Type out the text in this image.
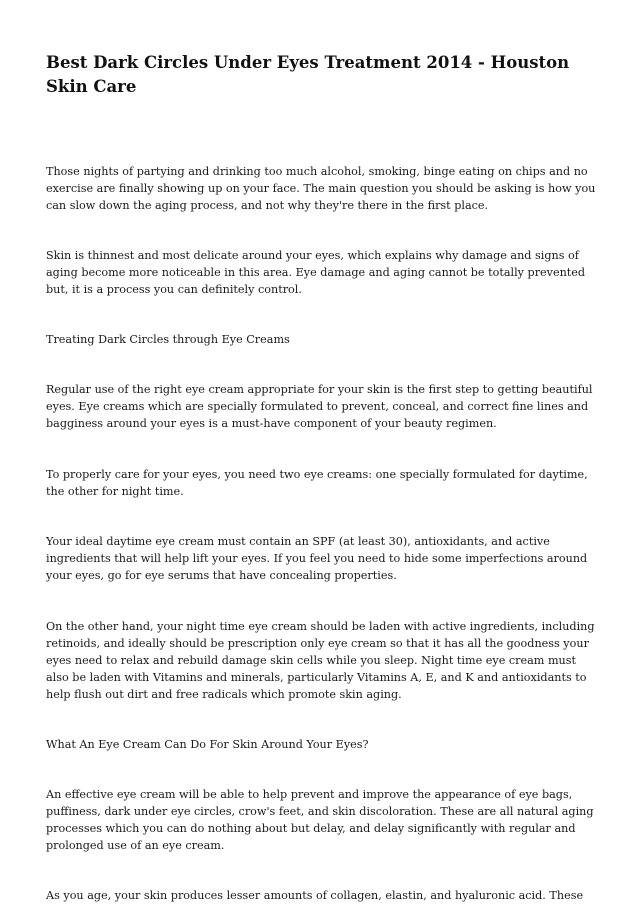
Best Dark Circles Under Eyes Treatment 2014 - Houston Skin Care

Those nights of partying and drinking too much alcohol, smoking, binge eating on chips and no exercise are finally showing up on your face. The main question you should be asking is how you can slow down the aging process, and not why they're there in the first place.

Skin is thinnest and most delicate around your eyes, which explains why damage and signs of aging become more noticeable in this area. Eye damage and aging cannot be totally prevented but, it is a process you can definitely control.

Treating Dark Circles through Eye Creams

Regular use of the right eye cream appropriate for your skin is the first step to getting beautiful eyes. Eye creams which are specially formulated to prevent, conceal, and correct fine lines and bagginess around your eyes is a must-have component of your beauty regimen.

To properly care for your eyes, you need two eye creams: one specially formulated for daytime, the other for night time.

Your ideal daytime eye cream must contain an SPF (at least 30), antioxidants, and active ingredients that will help lift your eyes. If you feel you need to hide some imperfections around your eyes, go for eye serums that have concealing properties.

On the other hand, your night time eye cream should be laden with active ingredients, including retinoids, and ideally should be prescription only eye cream so that it has all the goodness your eyes need to relax and rebuild damage skin cells while you sleep. Night time eye cream must also be laden with Vitamins and minerals, particularly Vitamins A, E, and K and antioxidants to help flush out dirt and free radicals which promote skin aging.

What An Eye Cream Can Do For Skin Around Your Eyes?

An effective eye cream will be able to help prevent and improve the appearance of eye bags, puffiness, dark under eye circles, crow's feet, and skin discoloration. These are all natural aging processes which you can do nothing about but delay, and delay significantly with regular and prolonged use of an eye cream.

As you age, your skin produces lesser amounts of collagen, elastin, and hyaluronic acid. These
